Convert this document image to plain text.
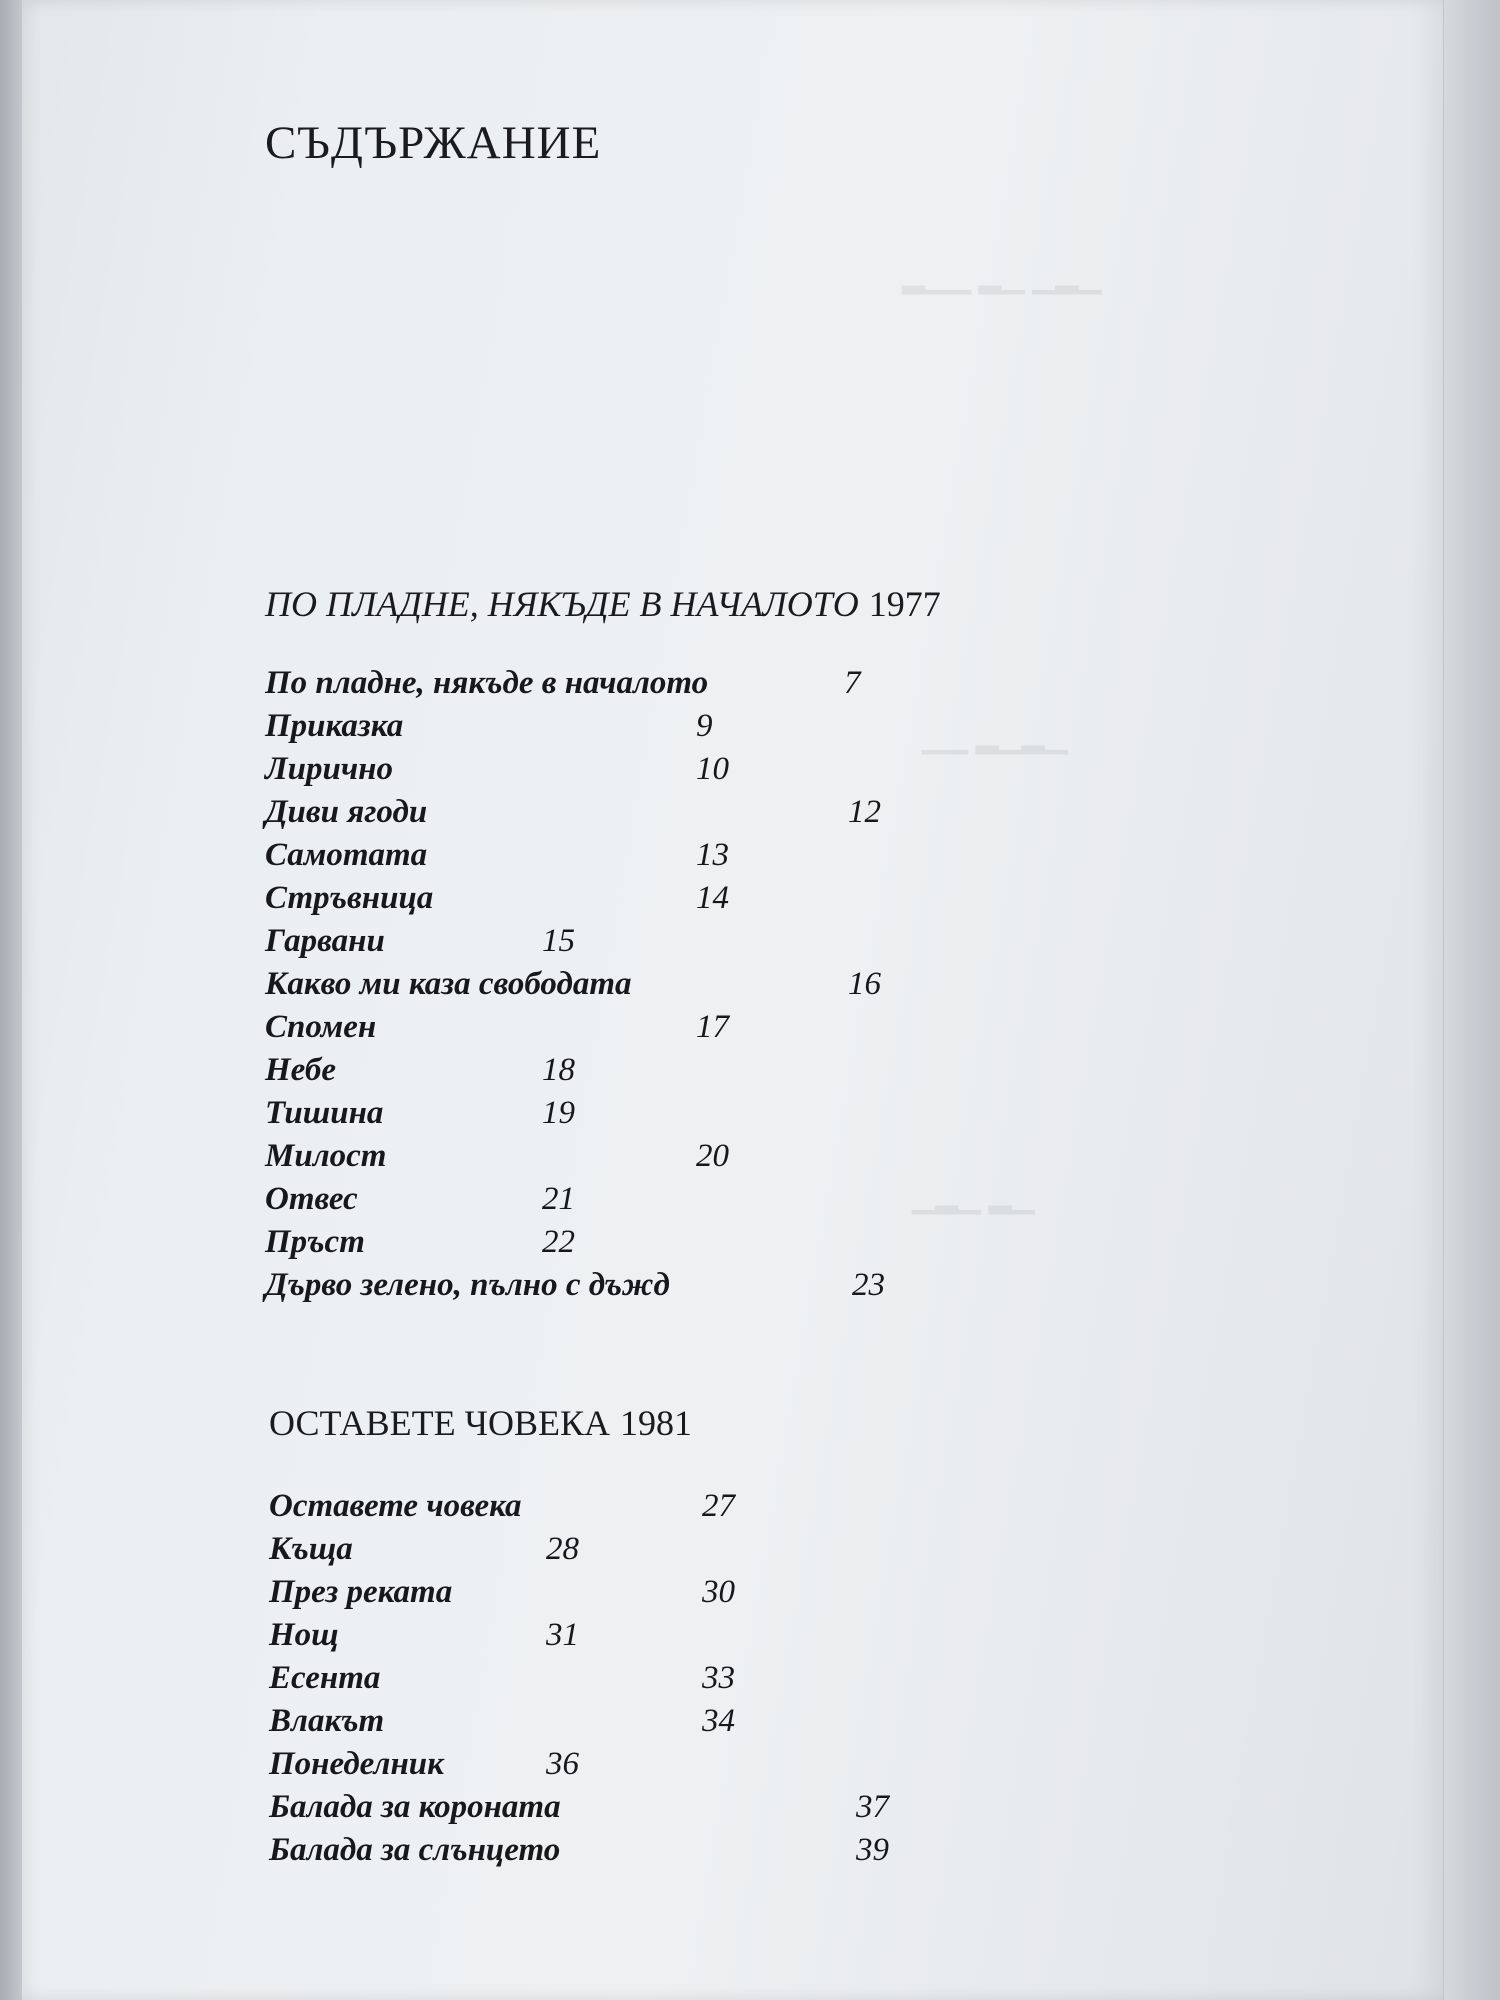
СЪДЪРЖАНИЕ
ПО ПЛАДНЕ, НЯКЪДЕ В НАЧАЛОТО 1977
По пладне, някъде в началото	7
Приказка	9
Лирично	10
Диви ягоди	12
Самотата	13
Стръвница	14
Гарвани	15
Какво ми каза свободата	16
Спомен	17
Небе	18
Тишина	19
Милост	20
Отвес	21
Пръст	22
Дърво зелено, пълно с дъжд	23
ОСТАВЕТЕ ЧОВЕКА 1981
Оставете човека	27
Къща	28
През реката	30
Нощ	31
Есента	33
Влакът	34
Понеделник	36
Балада за короната	37
Балада за слънцето	39
▁▂▁ ▁▂ ▁▁▂
▁▂▁▂ ▁▁
▁▂ ▁▂▁
